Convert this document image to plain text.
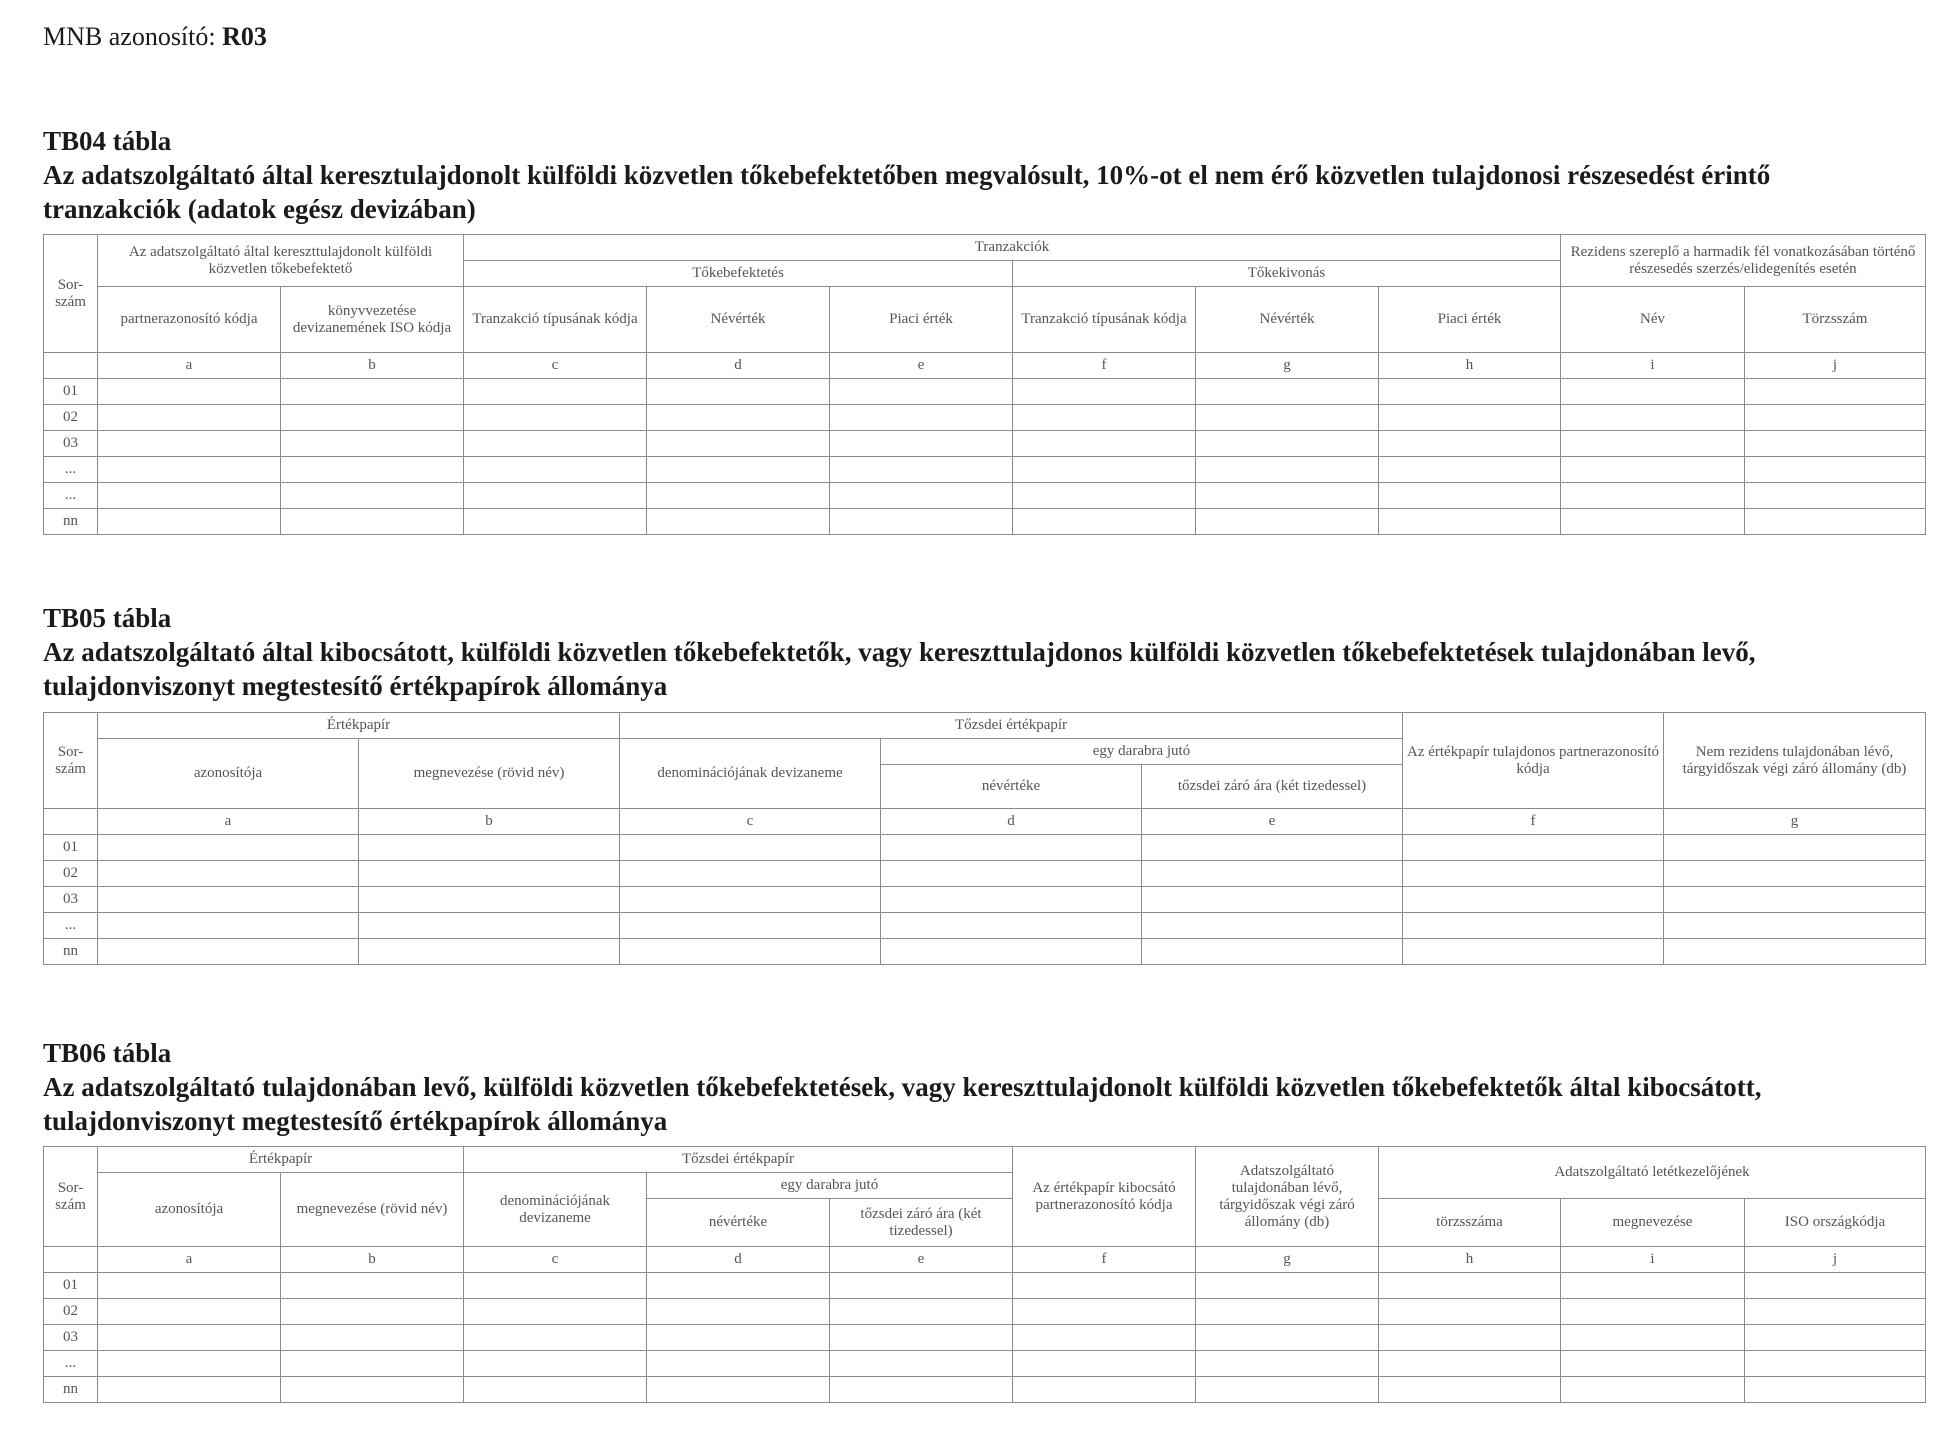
MNB azonosító: R03
TB04 tábla
Az adatszolgáltató által keresztulajdonolt külföldi közvetlen tőkebefektetőben megvalósult, 10%-ot el nem érő közvetlen tulajdonosi részesedést érintő
tranzakciók (adatok egész devizában)
Sor-szám	Az adatszolgáltató által kereszttulajdonolt külföldi közvetlen tőkebefektető		Tranzakciók						Rezidens szereplő a harmadik fél vonatkozásában történő részesedés szerzés/elidegenítés esetén	
			Tőkebefektetés			Tőkekivonás				
	partnerazonosító kódja	könyvvezetése devizanemének ISO kódja	Tranzakció típusának kódja	Névérték	Piaci érték	Tranzakció típusának kódja	Névérték	Piaci érték	Név	Törzsszám
	a	b	c	d	e	f	g	h	i	j
01										
02										
03										
...										
...										
nn										
TB05 tábla
Az adatszolgáltató által kibocsátott, külföldi közvetlen tőkebefektetők, vagy kereszttulajdonos külföldi közvetlen tőkebefektetések tulajdonában levő,
tulajdonviszonyt megtestesítő értékpapírok állománya
Sor-szám	Értékpapír		Tőzsdei értékpapír			Az értékpapír tulajdonos partnerazonosító kódja	Nem rezidens tulajdonában lévő, tárgyidőszak végi záró állomány (db)
	azonosítója	megnevezése (rövid név)	denominációjának devizaneme	egy darabra jutó			
				névértéke	tőzsdei záró ára (két tizedessel)		
	a	b	c	d	e	f	g
01							
02							
03							
...							
nn							
TB06 tábla
Az adatszolgáltató tulajdonában levő, külföldi közvetlen tőkebefektetések, vagy kereszttulajdonolt külföldi közvetlen tőkebefektetők által kibocsátott,
tulajdonviszonyt megtestesítő értékpapírok állománya
Sor-szám	Értékpapír		Tőzsdei értékpapír			Az értékpapír kibocsátó partnerazonosító kódja	Adatszolgáltató tulajdonában lévő, tárgyidőszak végi záró állomány (db)	Adatszolgáltató letétkezelőjének		
	azonosítója	megnevezése (rövid név)	denominációjának devizaneme	egy darabra jutó						
				névértéke	tőzsdei záró ára (két tizedessel)			törzsszáma	megnevezése	ISO országkódja
	a	b	c	d	e	f	g	h	i	j
01										
02										
03										
...										
nn										
